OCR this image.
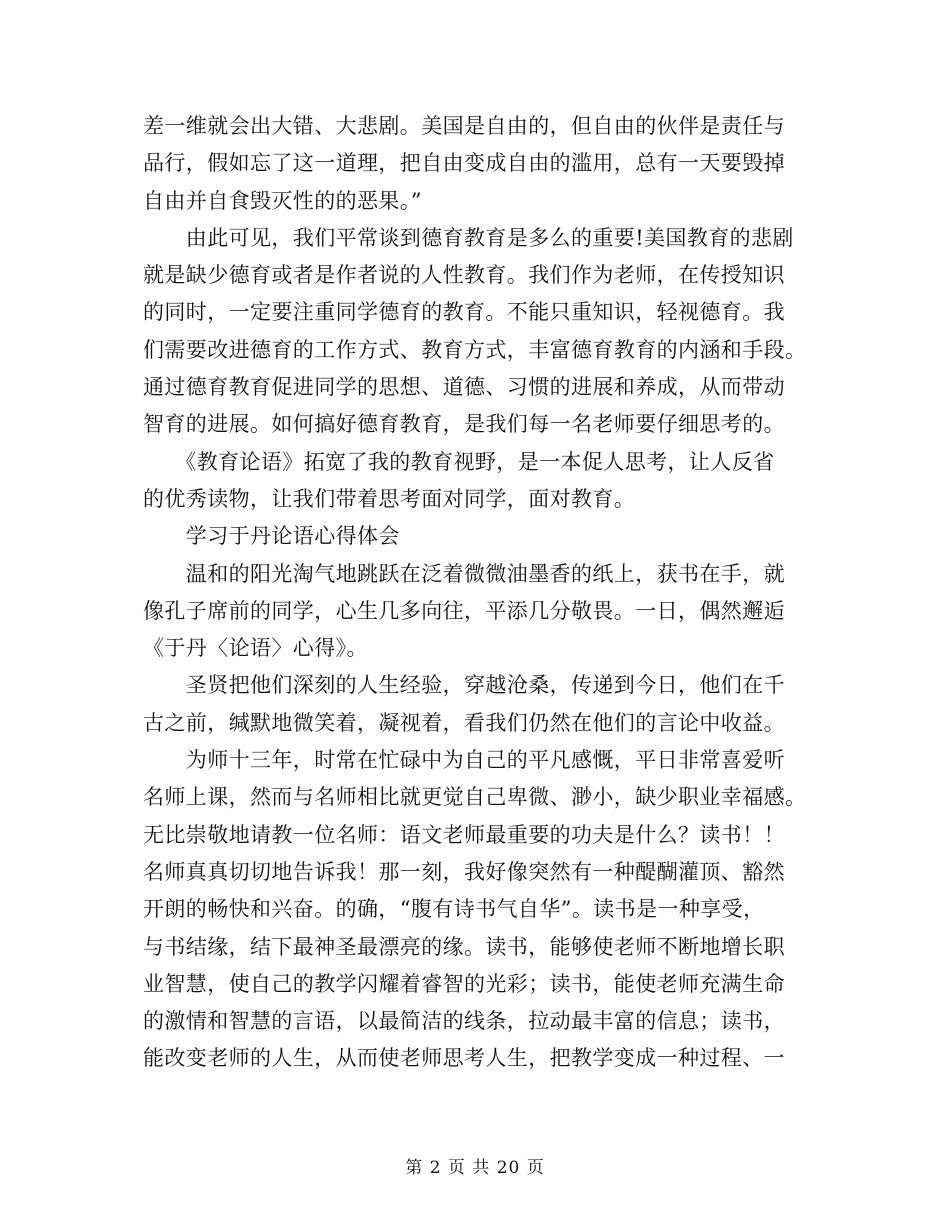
差一维就会出大错、大悲剧。美国是自由的，但自由的伙伴是责任与
品行，假如忘了这一道理，把自由变成自由的滥用，总有一天要毁掉
自由并自食毁灭性的的恶果。”
　　由此可见，我们平常谈到德育教育是多么的重要!美国教育的悲剧
就是缺少德育或者是作者说的人性教育。我们作为老师，在传授知识
的同时，一定要注重同学德育的教育。不能只重知识，轻视德育。我
们需要改进德育的工作方式、教育方式，丰富德育教育的内涵和手段。
通过德育教育促进同学的思想、道德、习惯的进展和养成，从而带动
智育的进展。如何搞好德育教育，是我们每一名老师要仔细思考的。
　　《教育论语》拓宽了我的教育视野，是一本促人思考，让人反省
的优秀读物，让我们带着思考面对同学，面对教育。
　　学习于丹论语心得体会
　　温和的阳光淘气地跳跃在泛着微微油墨香的纸上，获书在手，就
像孔子席前的同学，心生几多向往，平添几分敬畏。一日，偶然邂逅
《于丹〈论语〉心得》。
　　圣贤把他们深刻的人生经验，穿越沧桑，传递到今日，他们在千
古之前，缄默地微笑着，凝视着，看我们仍然在他们的言论中收益。
　　为师十三年，时常在忙碌中为自己的平凡感慨，平日非常喜爱听
名师上课，然而与名师相比就更觉自己卑微、渺小，缺少职业幸福感。
无比崇敬地请教一位名师：语文老师最重要的功夫是什么？读书！！
名师真真切切地告诉我！那一刻，我好像突然有一种醍醐灌顶、豁然
开朗的畅快和兴奋。的确，“腹有诗书气自华”。读书是一种享受，
与书结缘，结下最神圣最漂亮的缘。读书，能够使老师不断地增长职
业智慧，使自己的教学闪耀着睿智的光彩；读书，能使老师充满生命
的激情和智慧的言语，以最简洁的线条，拉动最丰富的信息；读书，
能改变老师的人生，从而使老师思考人生，把教学变成一种过程、一
第 2 页 共 20 页
